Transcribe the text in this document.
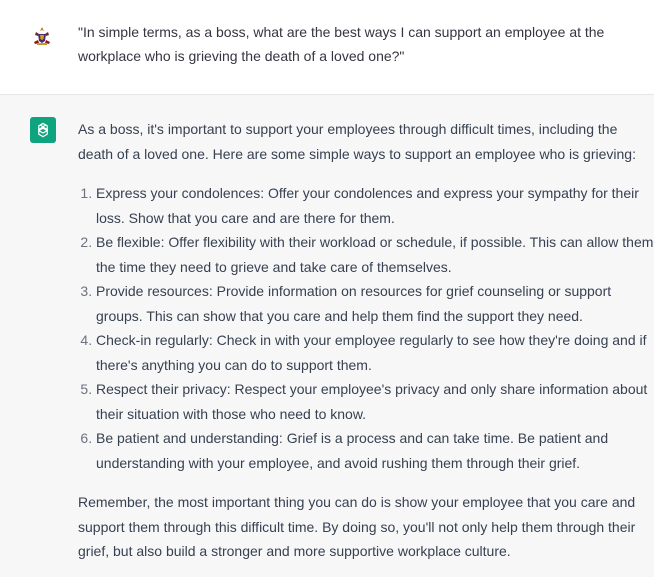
"In simple terms, as a boss, what are the best ways I can support an employee at the workplace who is grieving the death of a loved one?"

As a boss, it's important to support your employees through difficult times, including the death of a loved one. Here are some simple ways to support an employee who is grieving:

1. Express your condolences: Offer your condolences and express your sympathy for their loss. Show that you care and are there for them.
2. Be flexible: Offer flexibility with their workload or schedule, if possible. This can allow them the time they need to grieve and take care of themselves.
3. Provide resources: Provide information on resources for grief counseling or support groups. This can show that you care and help them find the support they need.
4. Check-in regularly: Check in with your employee regularly to see how they're doing and if there's anything you can do to support them.
5. Respect their privacy: Respect your employee's privacy and only share information about their situation with those who need to know.
6. Be patient and understanding: Grief is a process and can take time. Be patient and understanding with your employee, and avoid rushing them through their grief.

Remember, the most important thing you can do is show your employee that you care and support them through this difficult time. By doing so, you'll not only help them through their grief, but also build a stronger and more supportive workplace culture.
